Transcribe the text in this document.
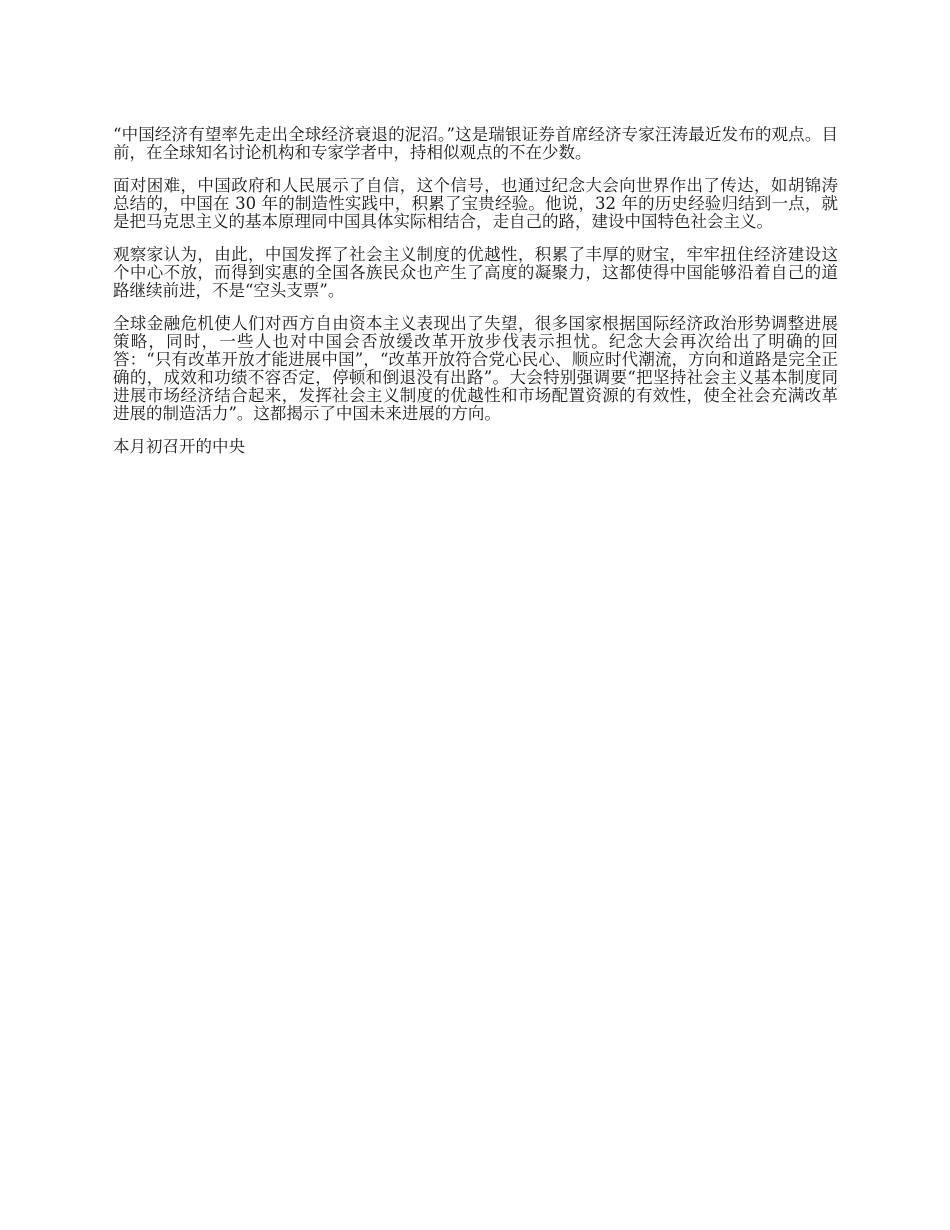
“中国经济有望率先走出全球经济衰退的泥沼。”这是瑞银证券首席经济专家汪涛最近发布的观点。目前，在全球知名讨论机构和专家学者中，持相似观点的不在少数。

面对困难，中国政府和人民展示了自信，这个信号，也通过纪念大会向世界作出了传达，如胡锦涛总结的，中国在 30 年的制造性实践中，积累了宝贵经验。他说，32 年的历史经验归结到一点，就是把马克思主义的基本原理同中国具体实际相结合，走自己的路，建设中国特色社会主义。

观察家认为，由此，中国发挥了社会主义制度的优越性，积累了丰厚的财宝，牢牢扭住经济建设这个中心不放，而得到实惠的全国各族民众也产生了高度的凝聚力，这都使得中国能够沿着自己的道路继续前进，不是“空头支票”。

全球金融危机使人们对西方自由资本主义表现出了失望，很多国家根据国际经济政治形势调整进展策略，同时，一些人也对中国会否放缓改革开放步伐表示担忧。纪念大会再次给出了明确的回答：“只有改革开放才能进展中国”，“改革开放符合党心民心、顺应时代潮流，方向和道路是完全正确的，成效和功绩不容否定，停顿和倒退没有出路”。大会特别强调要“把坚持社会主义基本制度同进展市场经济结合起来，发挥社会主义制度的优越性和市场配置资源的有效性，使全社会充满改革进展的制造活力”。这都揭示了中国未来进展的方向。

本月初召开的中央
